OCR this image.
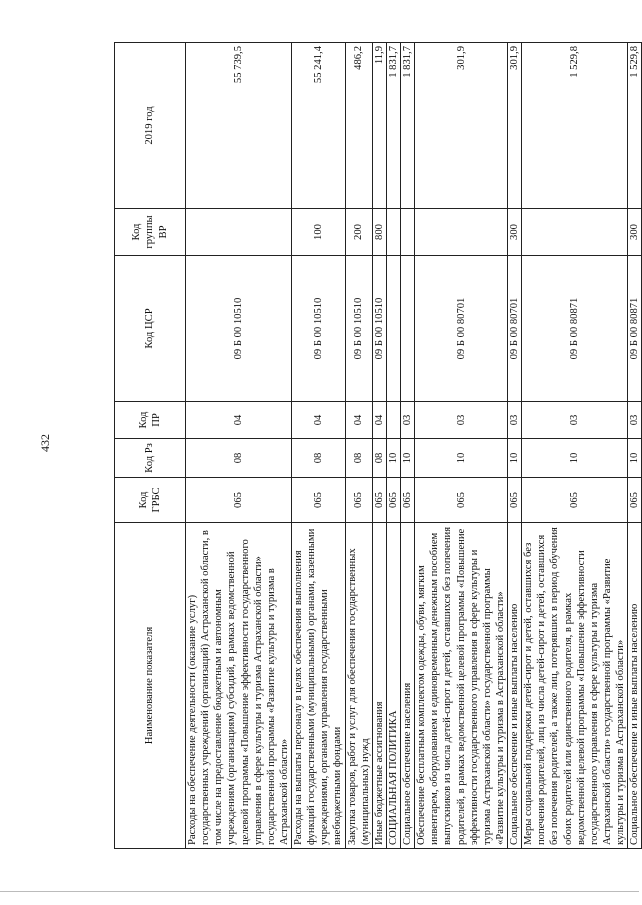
432
Наименование показателя	Код ГРБС	Код Рз	Код ПР	Код ЦСР	Код группы ВР	2019 год
Расходы на обеспечение деятельности (оказание услуг) государственных учреждений (организаций) Астраханской области, в том числе на предоставление бюджетным и автономным учреждениям (организациям) субсидий, в рамках ведомственной целевой программы «Повышение эффективности государственного управления в сфере культуры и туризма Астраханской области» государственной программы «Развитие культуры и туризма в Астраханской области»	065	08	04	09 Б 00 10510		55 739,5
Расходы на выплаты персоналу в целях обеспечения выполнения функций государственными (муниципальными) органами, казенными учреждениями, органами управления государственными внебюджетными фондами	065	08	04	09 Б 00 10510	100	55 241,4
Закупка товаров, работ и услуг для обеспечения государственных (муниципальных) нужд	065	08	04	09 Б 00 10510	200	486,2
Иные бюджетные ассигнования	065	08	04	09 Б 00 10510	800	11,9
СОЦИАЛЬНАЯ ПОЛИТИКА	065	10				1 831,7
Социальное обеспечение населения	065	10	03			1 831,7
Обеспечение бесплатным комплектом одежды, обуви, мягким инвентарем, оборудованием и единовременным денежным пособием выпускников из числа детей-сирот и детей, оставшихся без попечения родителей, в рамках ведомственной целевой программы «Повышение эффективности государственного управления в сфере культуры и туризма Астраханской области» государственной программы «Развитие культуры и туризма в Астраханской области»	065	10	03	09 Б 00 80701		301,9
Социальное обеспечение и иные выплаты населению	065	10	03	09 Б 00 80701	300	301,9
Меры социальной поддержки детей-сирот и детей, оставшихся без попечения родителей, лиц из числа детей-сирот и детей, оставшихся без попечения родителей, а также лиц, потерявших в период обучения обоих родителей или единственного родителя, в рамках ведомственной целевой программы «Повышение эффективности государственного управления в сфере культуры и туризма Астраханской области» государственной программы «Развитие культуры и туризма в Астраханской области»	065	10	03	09 Б 00 80871		1 529,8
Социальное обеспечение и иные выплаты населению	065	10	03	09 Б 00 80871	300	1 529,8
